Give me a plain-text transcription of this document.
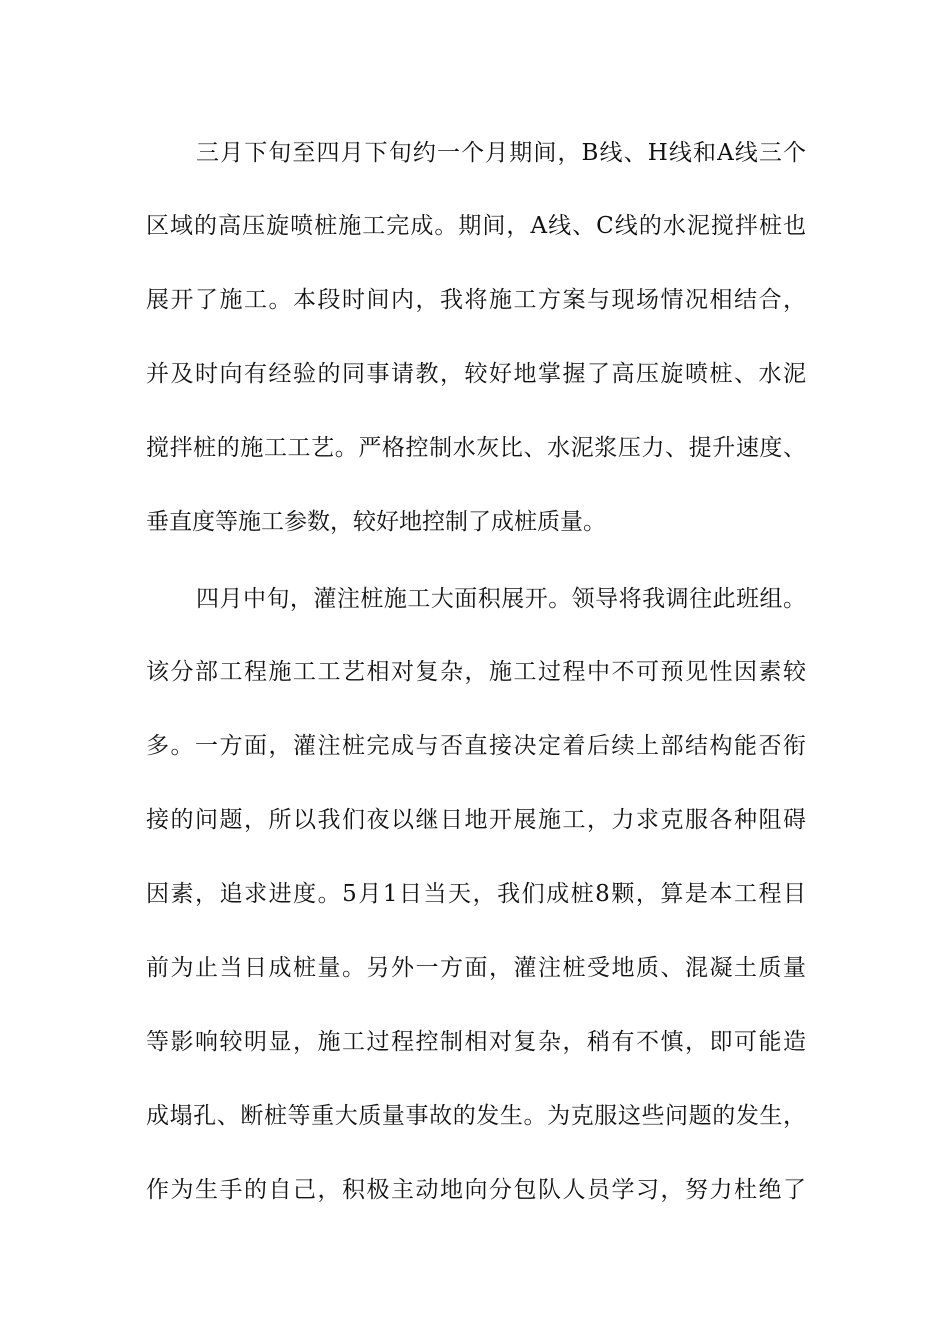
三月下旬至四月下旬约一个月期间，B线、H线和A线三个
区域的高压旋喷桩施工完成。期间，A线、C线的水泥搅拌桩也
展开了施工。本段时间内，我将施工方案与现场情况相结合，
并及时向有经验的同事请教，较好地掌握了高压旋喷桩、水泥
搅拌桩的施工工艺。严格控制水灰比、水泥浆压力、提升速度、
垂直度等施工参数，较好地控制了成桩质量。
四月中旬，灌注桩施工大面积展开。领导将我调往此班组。
该分部工程施工工艺相对复杂，施工过程中不可预见性因素较
多。一方面，灌注桩完成与否直接决定着后续上部结构能否衔
接的问题，所以我们夜以继日地开展施工，力求克服各种阻碍
因素，追求进度。5月1日当天，我们成桩8颗，算是本工程目
前为止当日成桩量。另外一方面，灌注桩受地质、混凝土质量
等影响较明显，施工过程控制相对复杂，稍有不慎，即可能造
成塌孔、断桩等重大质量事故的发生。为克服这些问题的发生，
作为生手的自己，积极主动地向分包队人员学习，努力杜绝了
